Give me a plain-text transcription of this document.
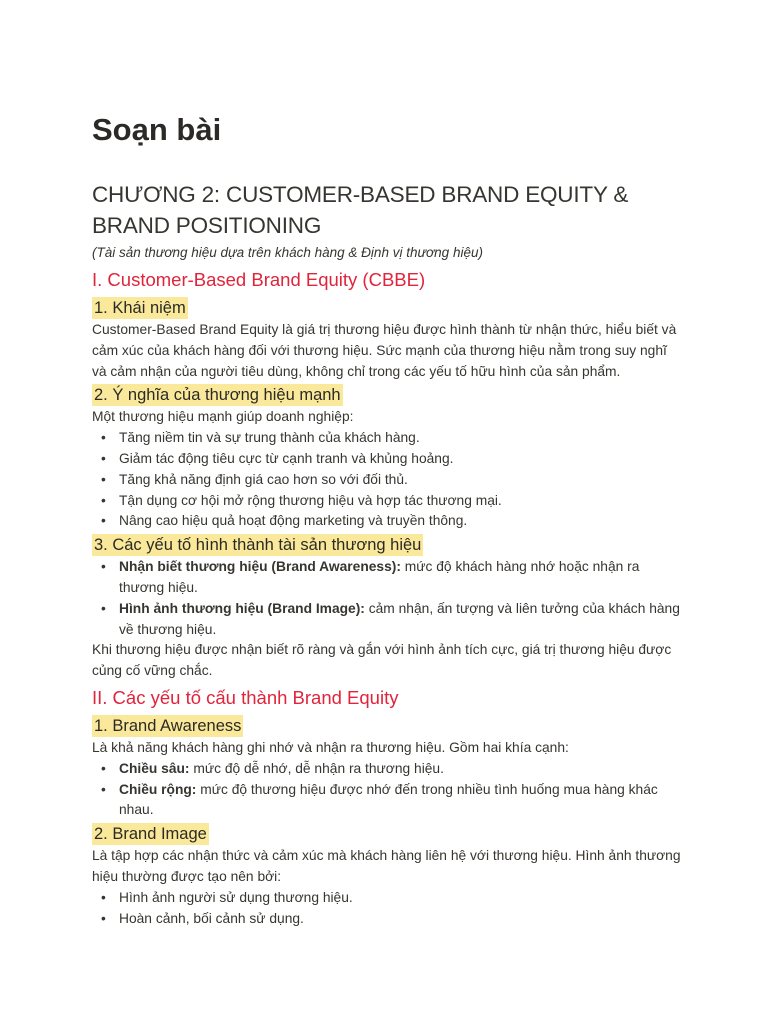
Soạn bài
CHƯƠNG 2: CUSTOMER-BASED BRAND EQUITY & BRAND POSITIONING

(Tài sản thương hiệu dựa trên khách hàng & Định vị thương hiệu)

I. Customer-Based Brand Equity (CBBE)
1. Khái niệm

Customer-Based Brand Equity là giá trị thương hiệu được hình thành từ nhận thức, hiểu biết và cảm xúc của khách hàng đối với thương hiệu. Sức mạnh của thương hiệu nằm trong suy nghĩ và cảm nhận của người tiêu dùng, không chỉ trong các yếu tố hữu hình của sản phẩm.

2. Ý nghĩa của thương hiệu mạnh

Một thương hiệu mạnh giúp doanh nghiệp:

• Tăng niềm tin và sự trung thành của khách hàng.
• Giảm tác động tiêu cực từ cạnh tranh và khủng hoảng.
• Tăng khả năng định giá cao hơn so với đối thủ.
• Tận dụng cơ hội mở rộng thương hiệu và hợp tác thương mại.
• Nâng cao hiệu quả hoạt động marketing và truyền thông.
3. Các yếu tố hình thành tài sản thương hiệu
• Nhận biết thương hiệu (Brand Awareness): mức độ khách hàng nhớ hoặc nhận ra thương hiệu.
• Hình ảnh thương hiệu (Brand Image): cảm nhận, ấn tượng và liên tưởng của khách hàng về thương hiệu.

Khi thương hiệu được nhận biết rõ ràng và gắn với hình ảnh tích cực, giá trị thương hiệu được củng cố vững chắc.

II. Các yếu tố cấu thành Brand Equity
1. Brand Awareness

Là khả năng khách hàng ghi nhớ và nhận ra thương hiệu. Gồm hai khía cạnh:

• Chiều sâu: mức độ dễ nhớ, dễ nhận ra thương hiệu.
• Chiều rộng: mức độ thương hiệu được nhớ đến trong nhiều tình huống mua hàng khác nhau.
2. Brand Image

Là tập hợp các nhận thức và cảm xúc mà khách hàng liên hệ với thương hiệu. Hình ảnh thương hiệu thường được tạo nên bởi:

• Hình ảnh người sử dụng thương hiệu.
• Hoàn cảnh, bối cảnh sử dụng.
